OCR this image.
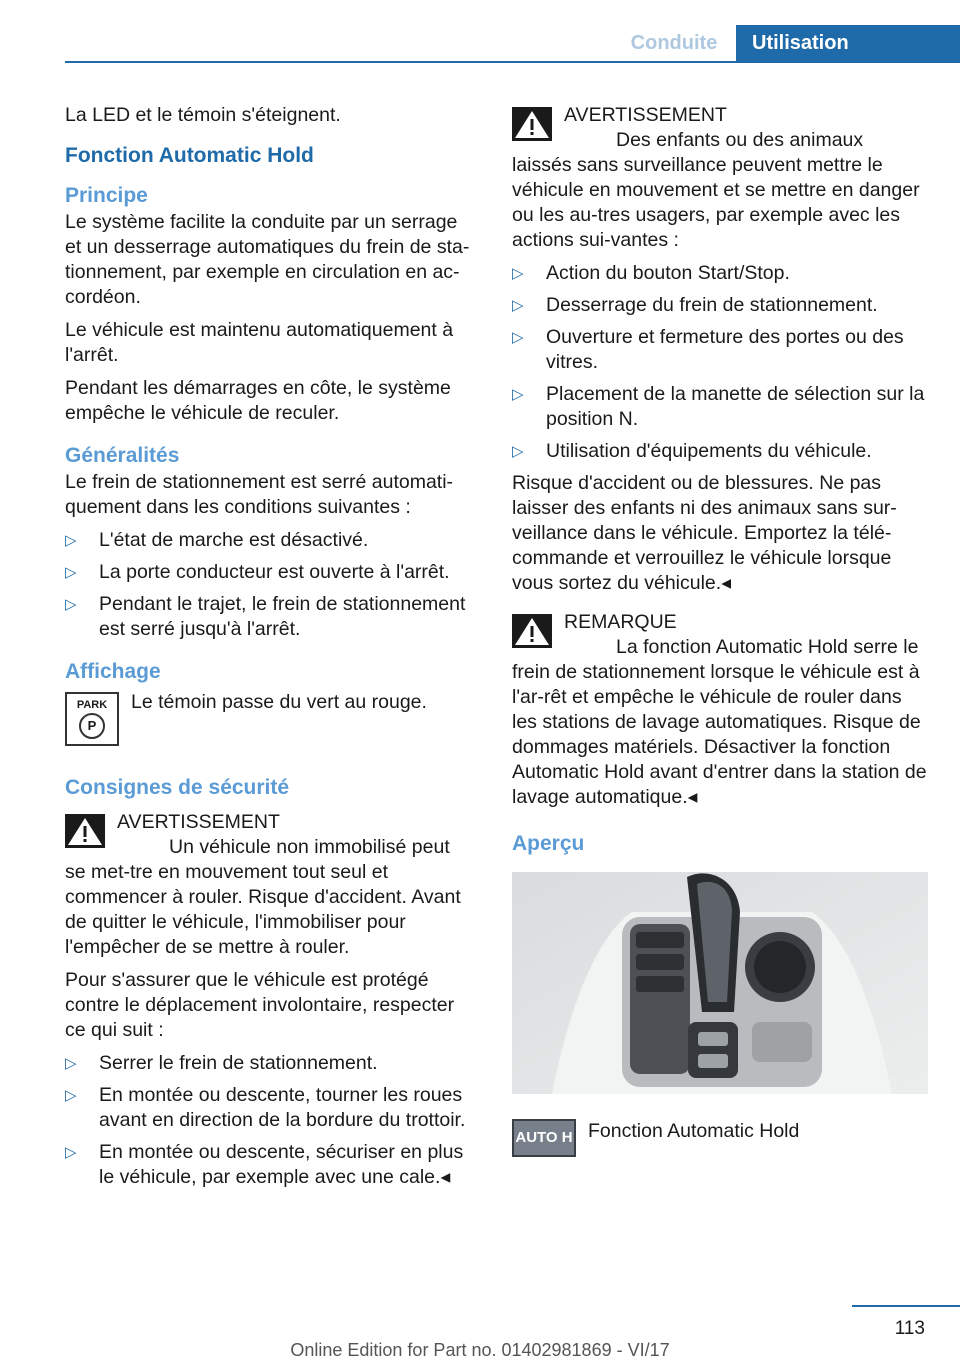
Conduite	Utilisation

La LED et le témoin s'éteignent.

Fonction Automatic Hold
Principe

Le système facilite la conduite par un serrage et un desserrage automatiques du frein de sta-tionnement, par exemple en circulation en ac-cordéon.

Le véhicule est maintenu automatiquement à l'arrêt.

Pendant les démarrages en côte, le système empêche le véhicule de reculer.

Généralités

Le frein de stationnement est serré automati-quement dans les conditions suivantes :

▷ L'état de marche est désactivé.
▷ La porte conducteur est ouverte à l'arrêt.
▷ Pendant le trajet, le frein de stationnement est serré jusqu'à l'arrêt.
Affichage
PARK
P

Le témoin passe du vert au rouge.

Consignes de sécurité
AVERTISSEMENT

Un véhicule non immobilisé peut se met-tre en mouvement tout seul et commencer à rouler. Risque d'accident. Avant de quitter le véhicule, l'immobiliser pour l'empêcher de se mettre à rouler.

Pour s'assurer que le véhicule est protégé contre le déplacement involontaire, respecter ce qui suit :

▷ Serrer le frein de stationnement.
▷ En montée ou descente, tourner les roues avant en direction de la bordure du trottoir.
▷ En montée ou descente, sécuriser en plus le véhicule, par exemple avec une cale.◂
AVERTISSEMENT

Des enfants ou des animaux laissés sans surveillance peuvent mettre le véhicule en mouvement et se mettre en danger ou les au-tres usagers, par exemple avec les actions sui-vantes :

▷ Action du bouton Start/Stop.
▷ Desserrage du frein de stationnement.
▷ Ouverture et fermeture des portes ou des vitres.
▷ Placement de la manette de sélection sur la position N.
▷ Utilisation d'équipements du véhicule.

Risque d'accident ou de blessures. Ne pas laisser des enfants ni des animaux sans sur-veillance dans le véhicule. Emportez la télé-commande et verrouillez le véhicule lorsque vous sortez du véhicule.◂

REMARQUE

La fonction Automatic Hold serre le frein de stationnement lorsque le véhicule est à l'ar-rêt et empêche le véhicule de rouler dans les stations de lavage automatiques. Risque de dommages matériels. Désactiver la fonction Automatic Hold avant d'entrer dans la station de lavage automatique.◂

Aperçu
AUTO H Fonction Automatic Hold

113
Online Edition for Part no. 01402981869 - VI/17
